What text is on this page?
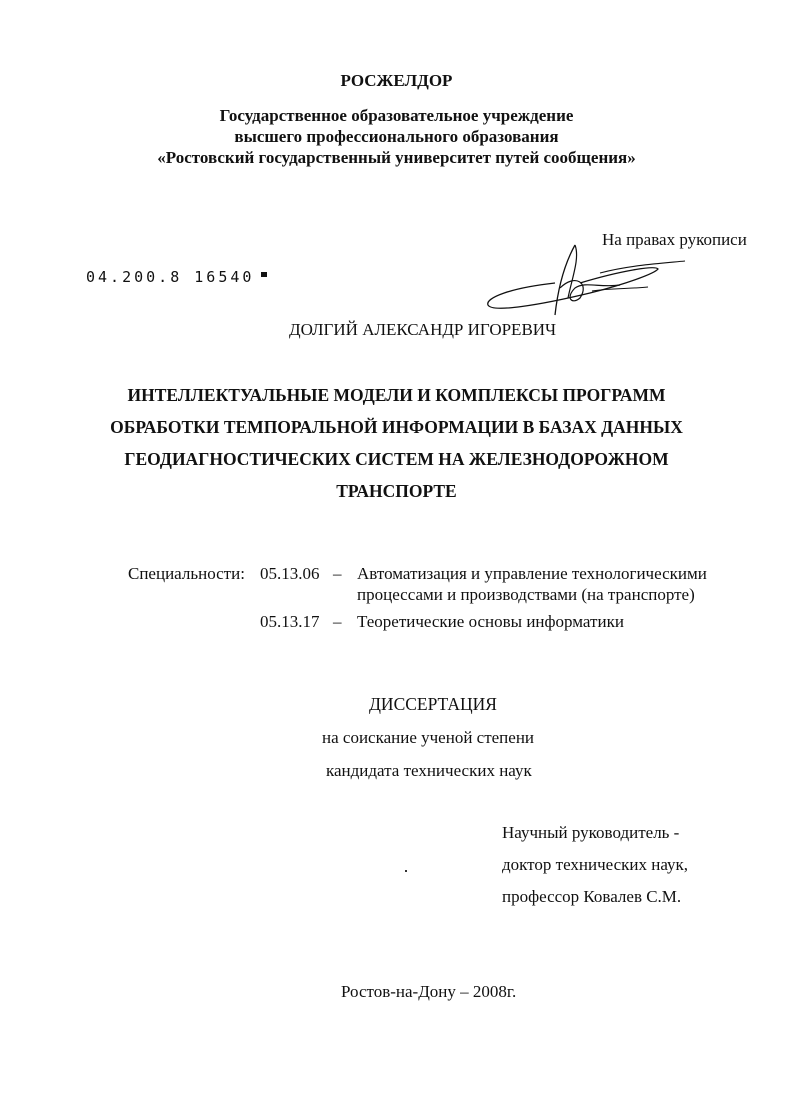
РОСЖЕЛДОР
Государственное образовательное учреждение
высшего профессионального образования
«Ростовский государственный университет путей сообщения»
На правах рукописи
04.200.8 16540
ДОЛГИЙ АЛЕКСАНДР ИГОРЕВИЧ
ИНТЕЛЛЕКТУАЛЬНЫЕ МОДЕЛИ И КОМПЛЕКСЫ ПРОГРАММ
ОБРАБОТКИ ТЕМПОРАЛЬНОЙ ИНФОРМАЦИИ В БАЗАХ ДАННЫХ
ГЕОДИАГНОСТИЧЕСКИХ СИСТЕМ НА ЖЕЛЕЗНОДОРОЖНОМ
ТРАНСПОРТЕ
Специальности: 05.13.06 – Автоматизация и управление технологическими
процессами и производствами (на транспорте)
05.13.17 – Теоретические основы информатики
ДИССЕРТАЦИЯ
на соискание ученой степени
кандидата технических наук
Научный руководитель -
доктор технических наук,
профессор Ковалев С.М.
Ростов-на-Дону – 2008г.
